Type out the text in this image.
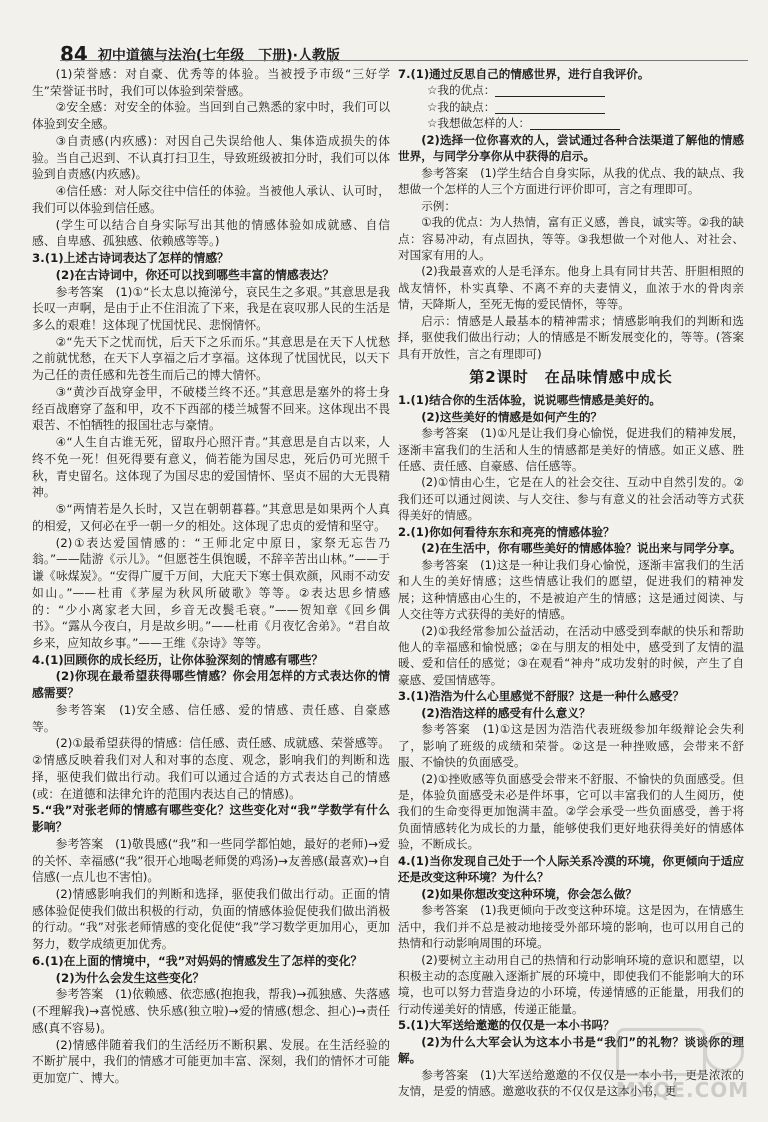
84 初中道德与法治(七年级　下册)·人教版

(1)荣誉感：对自豪、优秀等的体验。当被授予市级“三好学生”荣誉证书时，我们可以体验到荣誉感。

②安全感：对安全的体验。当回到自己熟悉的家中时，我们可以体验到安全感。

③自责感(内疚感)：对因自己失误给他人、集体造成损失的体验。当自己迟到、不认真打扫卫生，导致班级被扣分时，我们可以体验到自责感(内疚感)。

④信任感：对人际交往中信任的体验。当被他人承认、认可时，我们可以体验到信任感。

(学生可以结合自身实际写出其他的情感体验如成就感、自信感、自卑感、孤独感、依赖感等等。)

3.(1)上述古诗词表达了怎样的情感？

(2)在古诗词中，你还可以找到哪些丰富的情感表达？

参考答案　(1)①“长太息以掩涕兮，哀民生之多艰。”其意思是我长叹一声啊，是由于止不住泪流了下来，我是在哀叹那人民的生活是多么的艰难！这体现了忧国忧民、悲悯情怀。

②“先天下之忧而忧，后天下之乐而乐。”其意思是在天下人忧愁之前就忧愁，在天下人享福之后才享福。这体现了忧国忧民，以天下为己任的责任感和先苍生而后己的博大情怀。

③“黄沙百战穿金甲，不破楼兰终不还。”其意思是塞外的将士身经百战磨穿了盔和甲，攻不下西部的楼兰城誓不回来。这体现出不畏艰苦、不怕牺牲的报国壮志与豪情。

④“人生自古谁无死，留取丹心照汗青。”其意思是自古以来，人终不免一死！但死得要有意义，倘若能为国尽忠，死后仍可光照千秋，青史留名。这体现了为国尽忠的爱国情怀、坚贞不屈的大无畏精神。

⑤“两情若是久长时，又岂在朝朝暮暮。”其意思是如果两个人真的相爱，又何必在乎一朝一夕的相处。这体现了忠贞的爱情和坚守。

(2)①表达爱国情感的：“王师北定中原日，家祭无忘告乃翁。”——陆游《示儿》。“但愿苍生俱饱暖，不辞辛苦出山林。”——于谦《咏煤炭》。“安得广厦千万间，大庇天下寒士俱欢颜，风雨不动安如山。”——杜甫《茅屋为秋风所破歌》等等。②表达思乡情感的：“少小离家老大回，乡音无改鬓毛衰。”——贺知章《回乡偶书》。“露从今夜白，月是故乡明。”——杜甫《月夜忆舍弟》。“君自故乡来，应知故乡事。”——王维《杂诗》等等。

4.(1)回顾你的成长经历，让你体验深刻的情感有哪些？

(2)你现在最希望获得哪些情感？你会用怎样的方式表达你的情感需要？

参考答案　(1)安全感、信任感、爱的情感、责任感、自豪感等。

(2)①最希望获得的情感：信任感、责任感、成就感、荣誉感等。②情感反映着我们对人和对事的态度、观念，影响我们的判断和选择，驱使我们做出行动。我们可以通过合适的方式表达自己的情感(或：在道德和法律允许的范围内表达自己的情感)。

5.“我”对张老师的情感有哪些变化？这些变化对“我”学数学有什么影响？

参考答案　(1)敬畏感(“我”和一些同学都怕她，最好的老师)→爱的关怀、幸福感(“我”很开心地喝老师煲的鸡汤)→友善感(最喜欢)→自信感(一点儿也不害怕)。

(2)情感影响我们的判断和选择，驱使我们做出行动。正面的情感体验促使我们做出积极的行动，负面的情感体验促使我们做出消极的行动。“我”对张老师情感的变化促使“我”学习数学更加用心，更加努力，数学成绩更加优秀。

6.(1)在上面的情境中，“我”对妈妈的情感发生了怎样的变化？

(2)为什么会发生这些变化？

参考答案　(1)依赖感、依恋感(抱抱我，帮我)→孤独感、失落感(不理解我)→喜悦感、快乐感(独立啦)→爱的情感(想念、担心)→责任感(真不容易)。

(2)情感伴随着我们的生活经历不断积累、发展。在生活经验的不断扩展中，我们的情感才可能更加丰富、深刻，我们的情怀才可能更加宽广、博大。

7.(1)通过反思自己的情感世界，进行自我评价。

☆我的优点：

☆我的缺点：

☆我想做怎样的人：

(2)选择一位你喜欢的人，尝试通过各种合法渠道了解他的情感世界，与同学分享你从中获得的启示。

参考答案　(1)学生结合自身实际，从我的优点、我的缺点、我想做一个怎样的人三个方面进行评价即可，言之有理即可。

示例：

①我的优点：为人热情，富有正义感，善良，诚实等。②我的缺点：容易冲动，有点固执，等等。③我想做一个对他人、对社会、对国家有用的人。

(2)我最喜欢的人是毛泽东。他身上具有同甘共苦、肝胆相照的战友情怀，朴实真挚、不离不弃的夫妻情义，血浓于水的骨肉亲情，天降斯人，至死无悔的爱民情怀，等等。

启示：情感是人最基本的精神需求；情感影响我们的判断和选择，驱使我们做出行动；人的情感是不断发展变化的，等等。(答案具有开放性，言之有理即可)

第2课时　在品味情感中成长

1.(1)结合你的生活体验，说说哪些情感是美好的。

(2)这些美好的情感是如何产生的？

参考答案　(1)①凡是让我们身心愉悦，促进我们的精神发展，逐渐丰富我们的生活和人生的情感都是美好的情感。如正义感、胜任感、责任感、自豪感、信任感等。

(2)①情由心生，它是在人的社会交往、互动中自然引发的。②我们还可以通过阅读、与人交往、参与有意义的社会活动等方式获得美好的情感。

2.(1)你如何看待东东和亮亮的情感体验？

(2)在生活中，你有哪些美好的情感体验？说出来与同学分享。

参考答案　(1)这是一种让我们身心愉悦，逐渐丰富我们的生活和人生的美好情感；这些情感让我们的愿望，促进我们的精神发展；这种情感由心生的，不是被迫产生的情感；这是通过阅读、与人交往等方式获得的美好的情感。

(2)①我经常参加公益活动，在活动中感受到奉献的快乐和帮助他人的幸福感和愉悦感；②在与朋友的相处中，感受到了友情的温暖、爱和信任的感觉；③在观看“神舟”成功发射的时候，产生了自豪感、爱国情感等。

3.(1)浩浩为什么心里感觉不舒服？这是一种什么感受？

(2)浩浩这样的感受有什么意义？

参考答案　(1)①这是因为浩浩代表班级参加年级辩论会失利了，影响了班级的成绩和荣誉。②这是一种挫败感，会带来不舒服、不愉快的负面感受。

(2)①挫败感等负面感受会带来不舒服、不愉快的负面感受。但是，体验负面感受未必是件坏事，它可以丰富我们的人生阅历，使我们的生命变得更加饱满丰盈。②学会承受一些负面感受，善于将负面情感转化为成长的力量，能够使我们更好地获得美好的情感体验，不断成长。

4.(1)当你发现自己处于一个人际关系冷漠的环境，你更倾向于适应还是改变这种环境？为什么？

(2)如果你想改变这种环境，你会怎么做？

参考答案　(1)我更倾向于改变这种环境。这是因为，在情感生活中，我们并不总是被动地接受外部环境的影响，也可以用自己的热情和行动影响周围的环境。

(2)要树立主动用自己的热情和行动影响环境的意识和愿望，以积极主动的态度融入逐渐扩展的环境中，即使我们不能影响大的环境，也可以努力营造身边的小环境，传递情感的正能量，用我们的行动传递美好的情感，传递正能量。

5.(1)大军送给邀邀的仅仅是一本小书吗？

(2)为什么大军会认为这本小书是“我们”的礼物？谈谈你的理解。

参考答案　(1)大军送给邀邀的不仅仅是一本小书，更是浓浓的友情，是爱的情感。邀邀收获的不仅仅是这本小书，更

MXQE.COM
